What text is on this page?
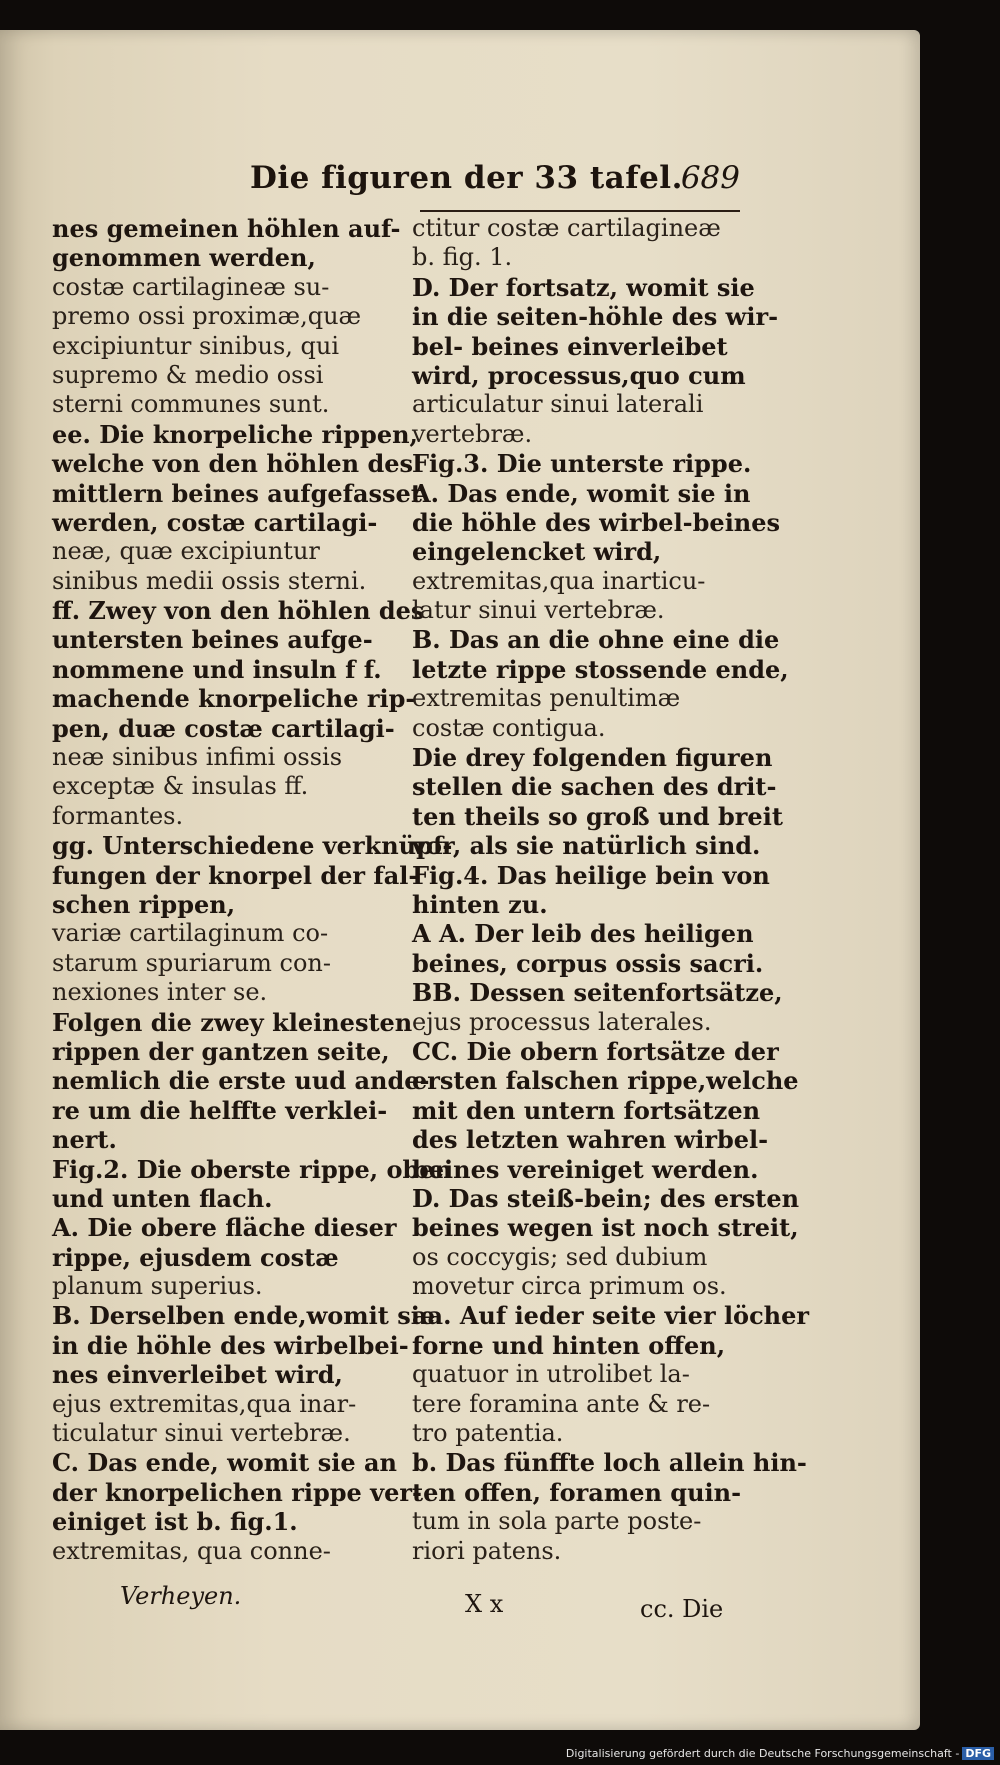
Die figuren der 33 tafel.
689
nes gemeinen höhlen auf-
genommen werden,
costæ cartilagineæ su-
premo ossi proximæ,quæ
excipiuntur sinibus, qui
supremo & medio ossi
sterni communes sunt.
ee. Die knorpeliche rippen,
welche von den höhlen des
mittlern beines aufgefasset
werden, costæ cartilagi-
neæ, quæ excipiuntur
sinibus medii ossis sterni.
ff. Zwey von den höhlen des
untersten beines aufge-
nommene und insuln f f.
machende knorpeliche rip-
pen, duæ costæ cartilagi-
neæ sinibus infimi ossis
exceptæ & insulas ff.
formantes.
gg. Unterschiedene verknüpf-
fungen der knorpel der fal-
schen rippen,
variæ cartilaginum co-
starum spuriarum con-
nexiones inter se.
Folgen die zwey kleinesten
rippen der gantzen seite,
nemlich die erste uud ande-
re um die helffte verklei-
nert.
Fig.2. Die oberste rippe, oben
und unten flach.
A. Die obere fläche dieser
rippe, ejusdem costæ
planum superius.
B. Derselben ende,womit sie
in die höhle des wirbelbei-
nes einverleibet wird,
ejus extremitas,qua inar-
ticulatur sinui vertebræ.
C. Das ende, womit sie an
der knorpelichen rippe ver-
einiget ist b. fig.1.
extremitas, qua conne-
ctitur costæ cartilagineæ
b. fig. 1.
D. Der fortsatz, womit sie
in die seiten-höhle des wir-
bel- beines einverleibet
wird, processus,quo cum
articulatur sinui laterali
vertebræ.
Fig.3. Die unterste rippe.
A. Das ende, womit sie in
die höhle des wirbel-beines
eingelencket wird,
extremitas,qua inarticu-
latur sinui vertebræ.
B. Das an die ohne eine die
letzte rippe stossende ende,
extremitas penultimæ
costæ contigua.
Die drey folgenden figuren
stellen die sachen des drit-
ten theils so groß und breit
vor, als sie natürlich sind.
Fig.4. Das heilige bein von
hinten zu.
A A. Der leib des heiligen
beines, corpus ossis sacri.
BB. Dessen seitenfortsätze,
ejus processus laterales.
CC. Die obern fortsätze der
ersten falschen rippe,welche
mit den untern fortsätzen
des letzten wahren wirbel-
beines vereiniget werden.
D. Das steiß-bein; des ersten
beines wegen ist noch streit,
os coccygis; sed dubium
movetur circa primum os.
aa. Auf ieder seite vier löcher
forne und hinten offen,
quatuor in utrolibet la-
tere foramina ante & re-
tro patentia.
b. Das fünffte loch allein hin-
ten offen, foramen quin-
tum in sola parte poste-
riori patens.
Verheyen.	X x	cc. Die
Digitalisierung gefördert durch die Deutsche Forschungsgemeinschaft - DFG
